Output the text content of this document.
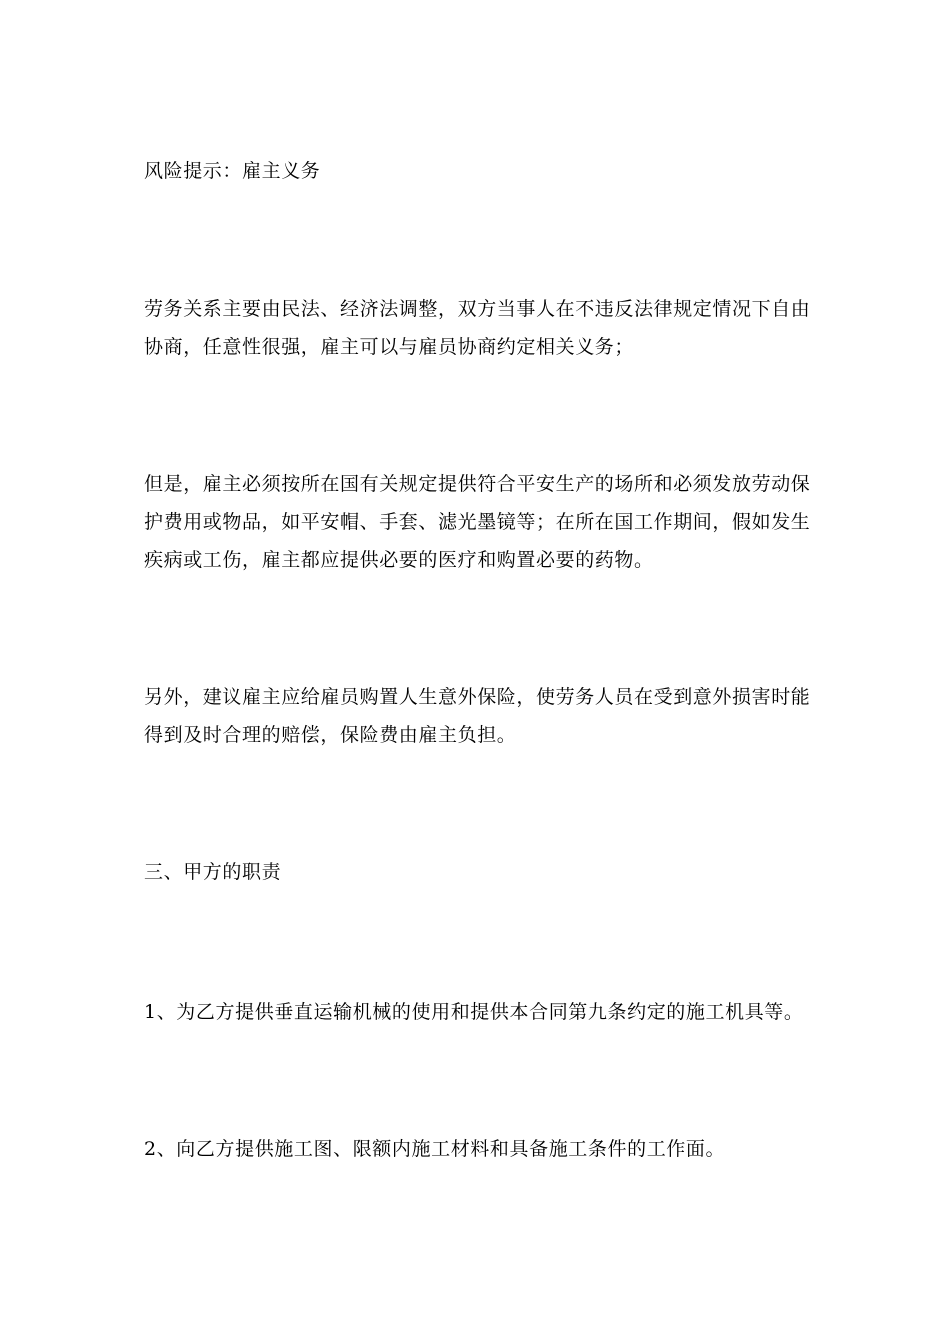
风险提示：雇主义务
劳务关系主要由民法、经济法调整，双方当事人在不违反法律规定情况下自由
协商，任意性很强，雇主可以与雇员协商约定相关义务；
但是，雇主必须按所在国有关规定提供符合平安生产的场所和必须发放劳动保
护费用或物品，如平安帽、手套、滤光墨镜等；在所在国工作期间，假如发生
疾病或工伤，雇主都应提供必要的医疗和购置必要的药物。
另外，建议雇主应给雇员购置人生意外保险，使劳务人员在受到意外损害时能
得到及时合理的赔偿，保险费由雇主负担。
三、甲方的职责
1、为乙方提供垂直运输机械的使用和提供本合同第九条约定的施工机具等。
2、向乙方提供施工图、限额内施工材料和具备施工条件的工作面。
